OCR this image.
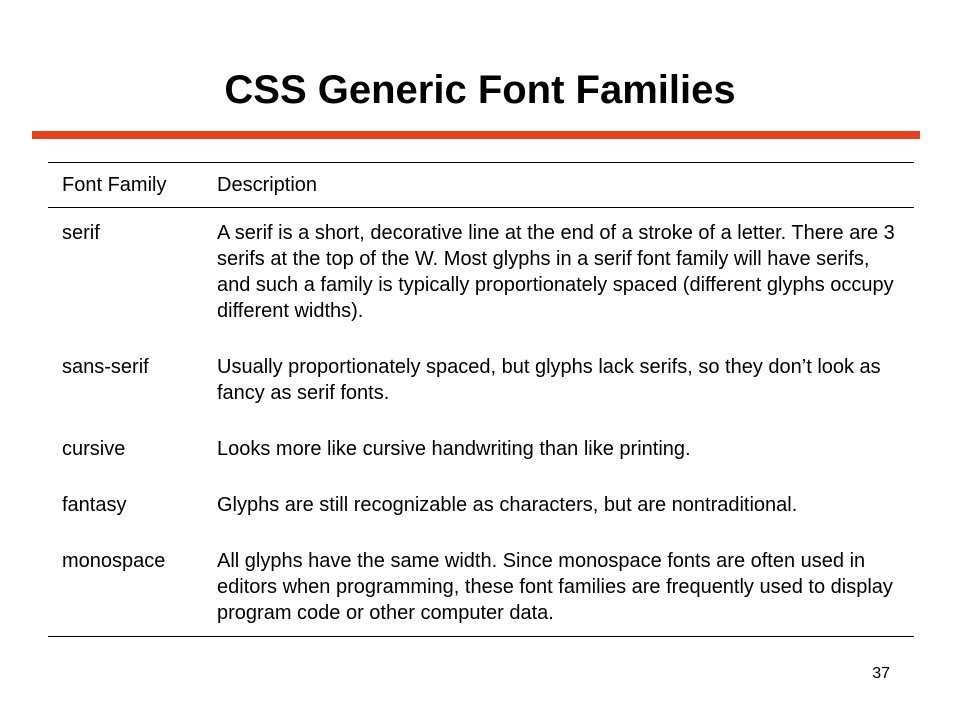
CSS Generic Font Families
Font Family	Description
serif	A serif is a short, decorative line at the end of a stroke of a letter. There are 3 serifs at the top of the W. Most glyphs in a serif font family will have serifs, and such a family is typically proportionately spaced (different glyphs occupy different widths).
sans-serif	Usually proportionately spaced, but glyphs lack serifs, so they don’t look as fancy as serif fonts.
cursive	Looks more like cursive handwriting than like printing.
fantasy	Glyphs are still recognizable as characters, but are nontraditional.
monospace	All glyphs have the same width. Since monospace fonts are often used in editors when programming, these font families are frequently used to display program code or other computer data.
37
